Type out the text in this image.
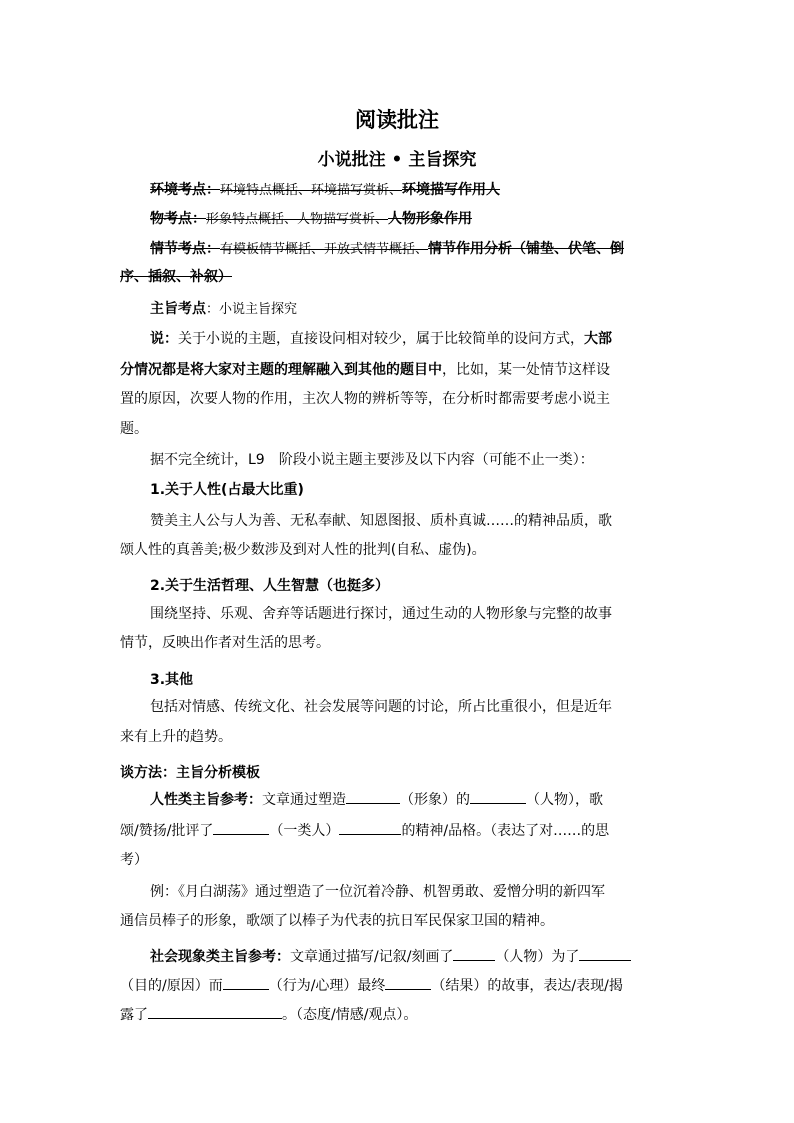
阅读批注
小说批注 • 主旨探究
环境考点：环境特点概括、环境描写赏析、环境描写作用人
物考点：形象特点概括、人物描写赏析、人物形象作用
情节考点：有模板情节概括、开放式情节概括、情节作用分析（铺垫、伏笔、倒
序、插叙、补叙）
主旨考点：小说主旨探究
说：关于小说的主题，直接设问相对较少，属于比较简单的设问方式，大部
分情况都是将大家对主题的理解融入到其他的题目中，比如，某一处情节这样设
置的原因，次要人物的作用，主次人物的辨析等等，在分析时都需要考虑小说主
题。
据不完全统计，L9　阶段小说主题主要涉及以下内容（可能不止一类）：
1.关于人性(占最大比重)
赞美主人公与人为善、无私奉献、知恩图报、质朴真诚……的精神品质，歌
颂人性的真善美;极少数涉及到对人性的批判(自私、虚伪)。
2.关于生活哲理、人生智慧（也挺多）
围绕坚持、乐观、舍弃等话题进行探讨，通过生动的人物形象与完整的故事
情节，反映出作者对生活的思考。
3.其他
包括对情感、传统文化、社会发展等问题的讨论，所占比重很小，但是近年
来有上升的趋势。
谈方法：主旨分析模板
人性类主旨参考：文章通过塑造	（形象）的	（人物），歌
颂/赞扬/批评了	（一类人）	的精神/品格。（表达了对……的思
考）
例：《月白湖荡》通过塑造了一位沉着冷静、机智勇敢、爱憎分明的新四军
通信员棒子的形象，歌颂了以棒子为代表的抗日军民保家卫国的精神。
社会现象类主旨参考：文章通过描写/记叙/刻画了	（人物）为了
（目的/原因）而	（行为/心理）最终	（结果）的故事，表达/表现/揭
露了	。（态度/情感/观点）。
